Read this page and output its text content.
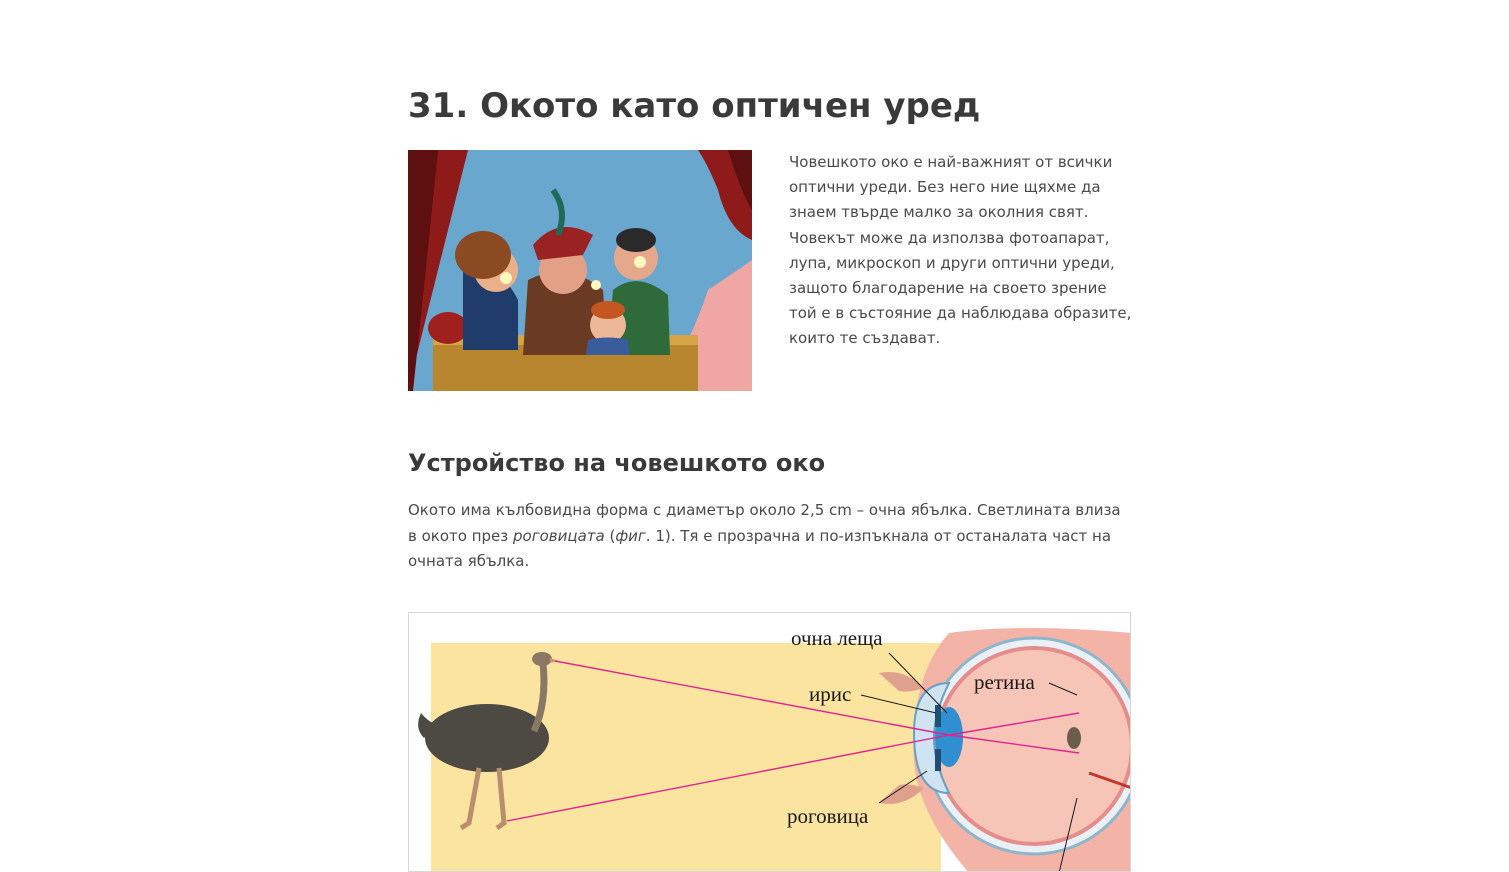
31. Окото като оптичен уред

Човешкото око е най-важният от всички оптични уреди. Без него ние щяхме да знаем твърде малко за околния свят. Човекът може да използва фотоапарат, лупа, микроскоп и други оптични уреди, защото благодарение на своето зрение той е в състояние да наблюдава образите, които те създават.

Устройство на човешкото око

Окото има кълбовидна форма с диаметър около 2,5 cm – очна ябълка. Светлината влиза в окото през роговицата (фиг. 1). Тя е прозрачна и по-изпъкнала от останалата част на очната ябълка.

очна леща
ирис	ретина
роговица
